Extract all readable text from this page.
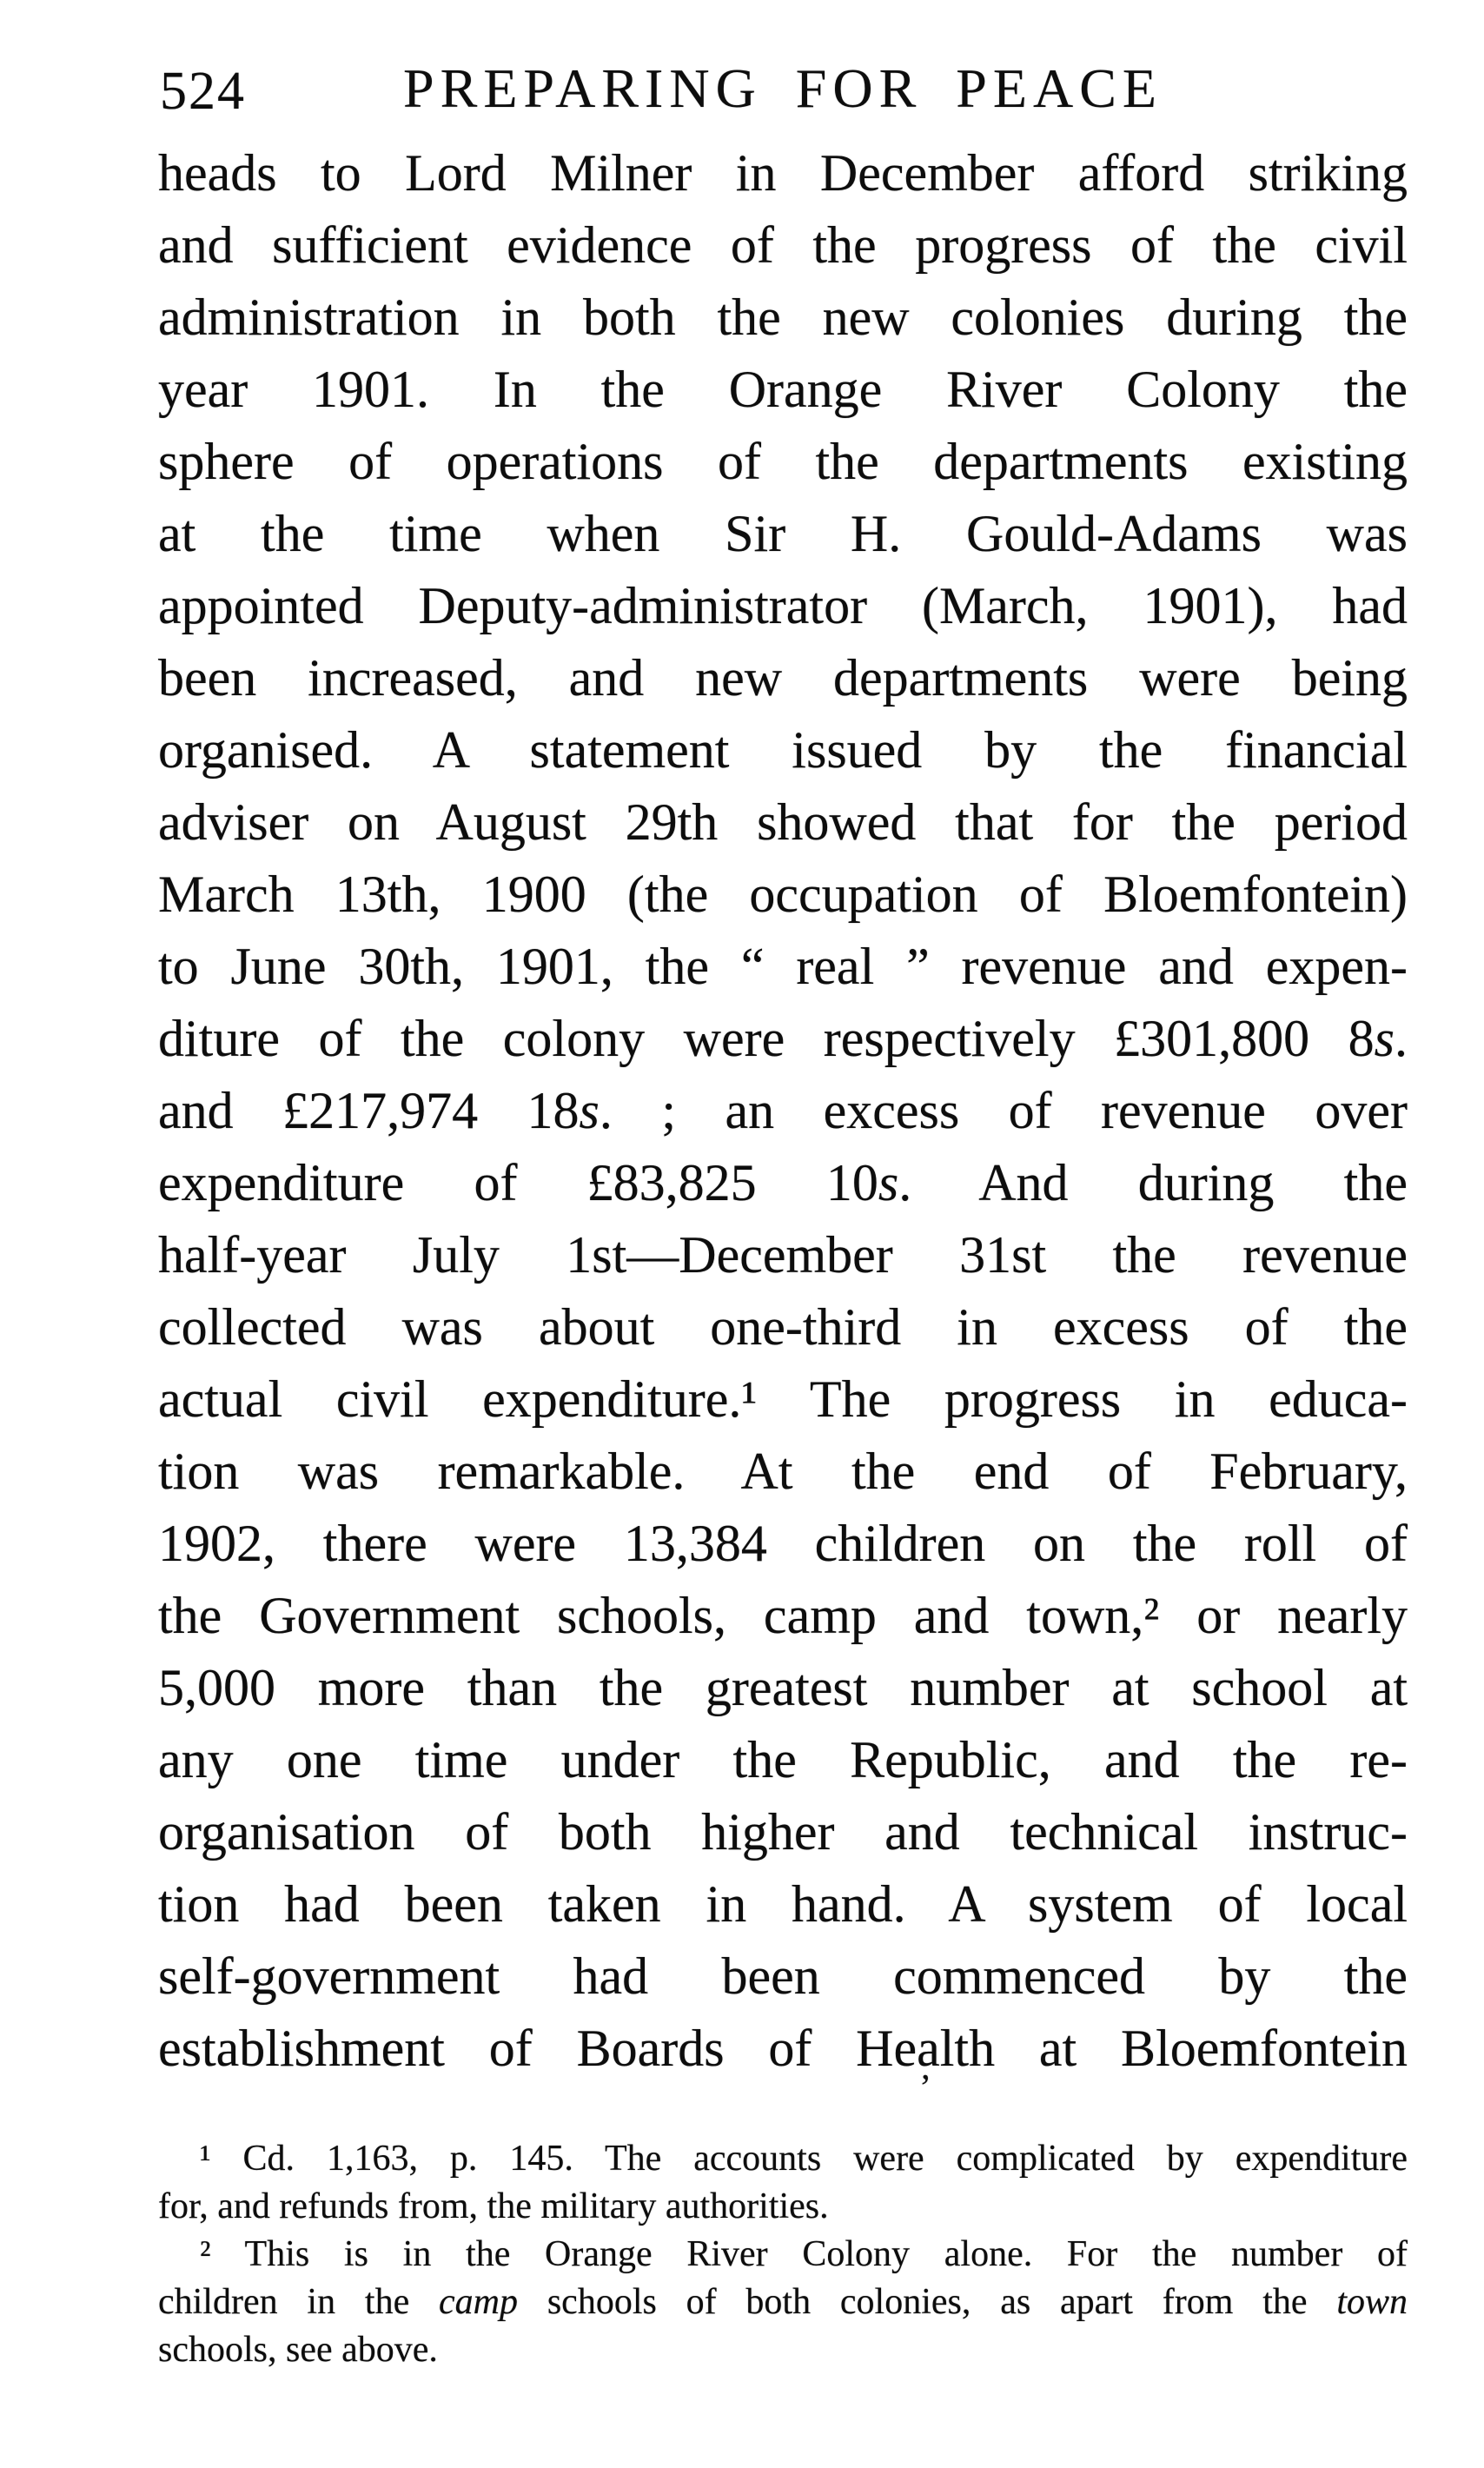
524	PREPARING FOR PEACE
heads to Lord Milner in December afford striking
and sufficient evidence of the progress of the civil
administration in both the new colonies during the
year 1901. In the Orange River Colony the
sphere of operations of the departments existing
at the time when Sir H. Gould-Adams was
appointed Deputy-administrator (March, 1901), had
been increased, and new departments were being
organised. A statement issued by the financial
adviser on August 29th showed that for the period
March 13th, 1900 (the occupation of Bloemfontein)
to June 30th, 1901, the “ real ” revenue and expen-
diture of the colony were respectively £301,800 8s.
and £217,974 18s. ; an excess of revenue over
expenditure of £83,825 10s. And during the
half-year July 1st—December 31st the revenue
collected was about one-third in excess of the
actual civil expenditure.¹ The progress in educa-
tion was remarkable. At the end of February,
1902, there were 13,384 children on the roll of
the Government schools, camp and town,² or nearly
5,000 more than the greatest number at school at
any one time under the Republic, and the re-
organisation of both higher and technical instruc-
tion had been taken in hand. A system of local
self-government had been commenced by the
establishment of Boards of Health at Bloemfontein
’
¹ Cd. 1,163, p. 145. The accounts were complicated by expenditure
for, and refunds from, the military authorities.
² This is in the Orange River Colony alone. For the number of
children in the camp schools of both colonies, as apart from the town
schools, see above.
